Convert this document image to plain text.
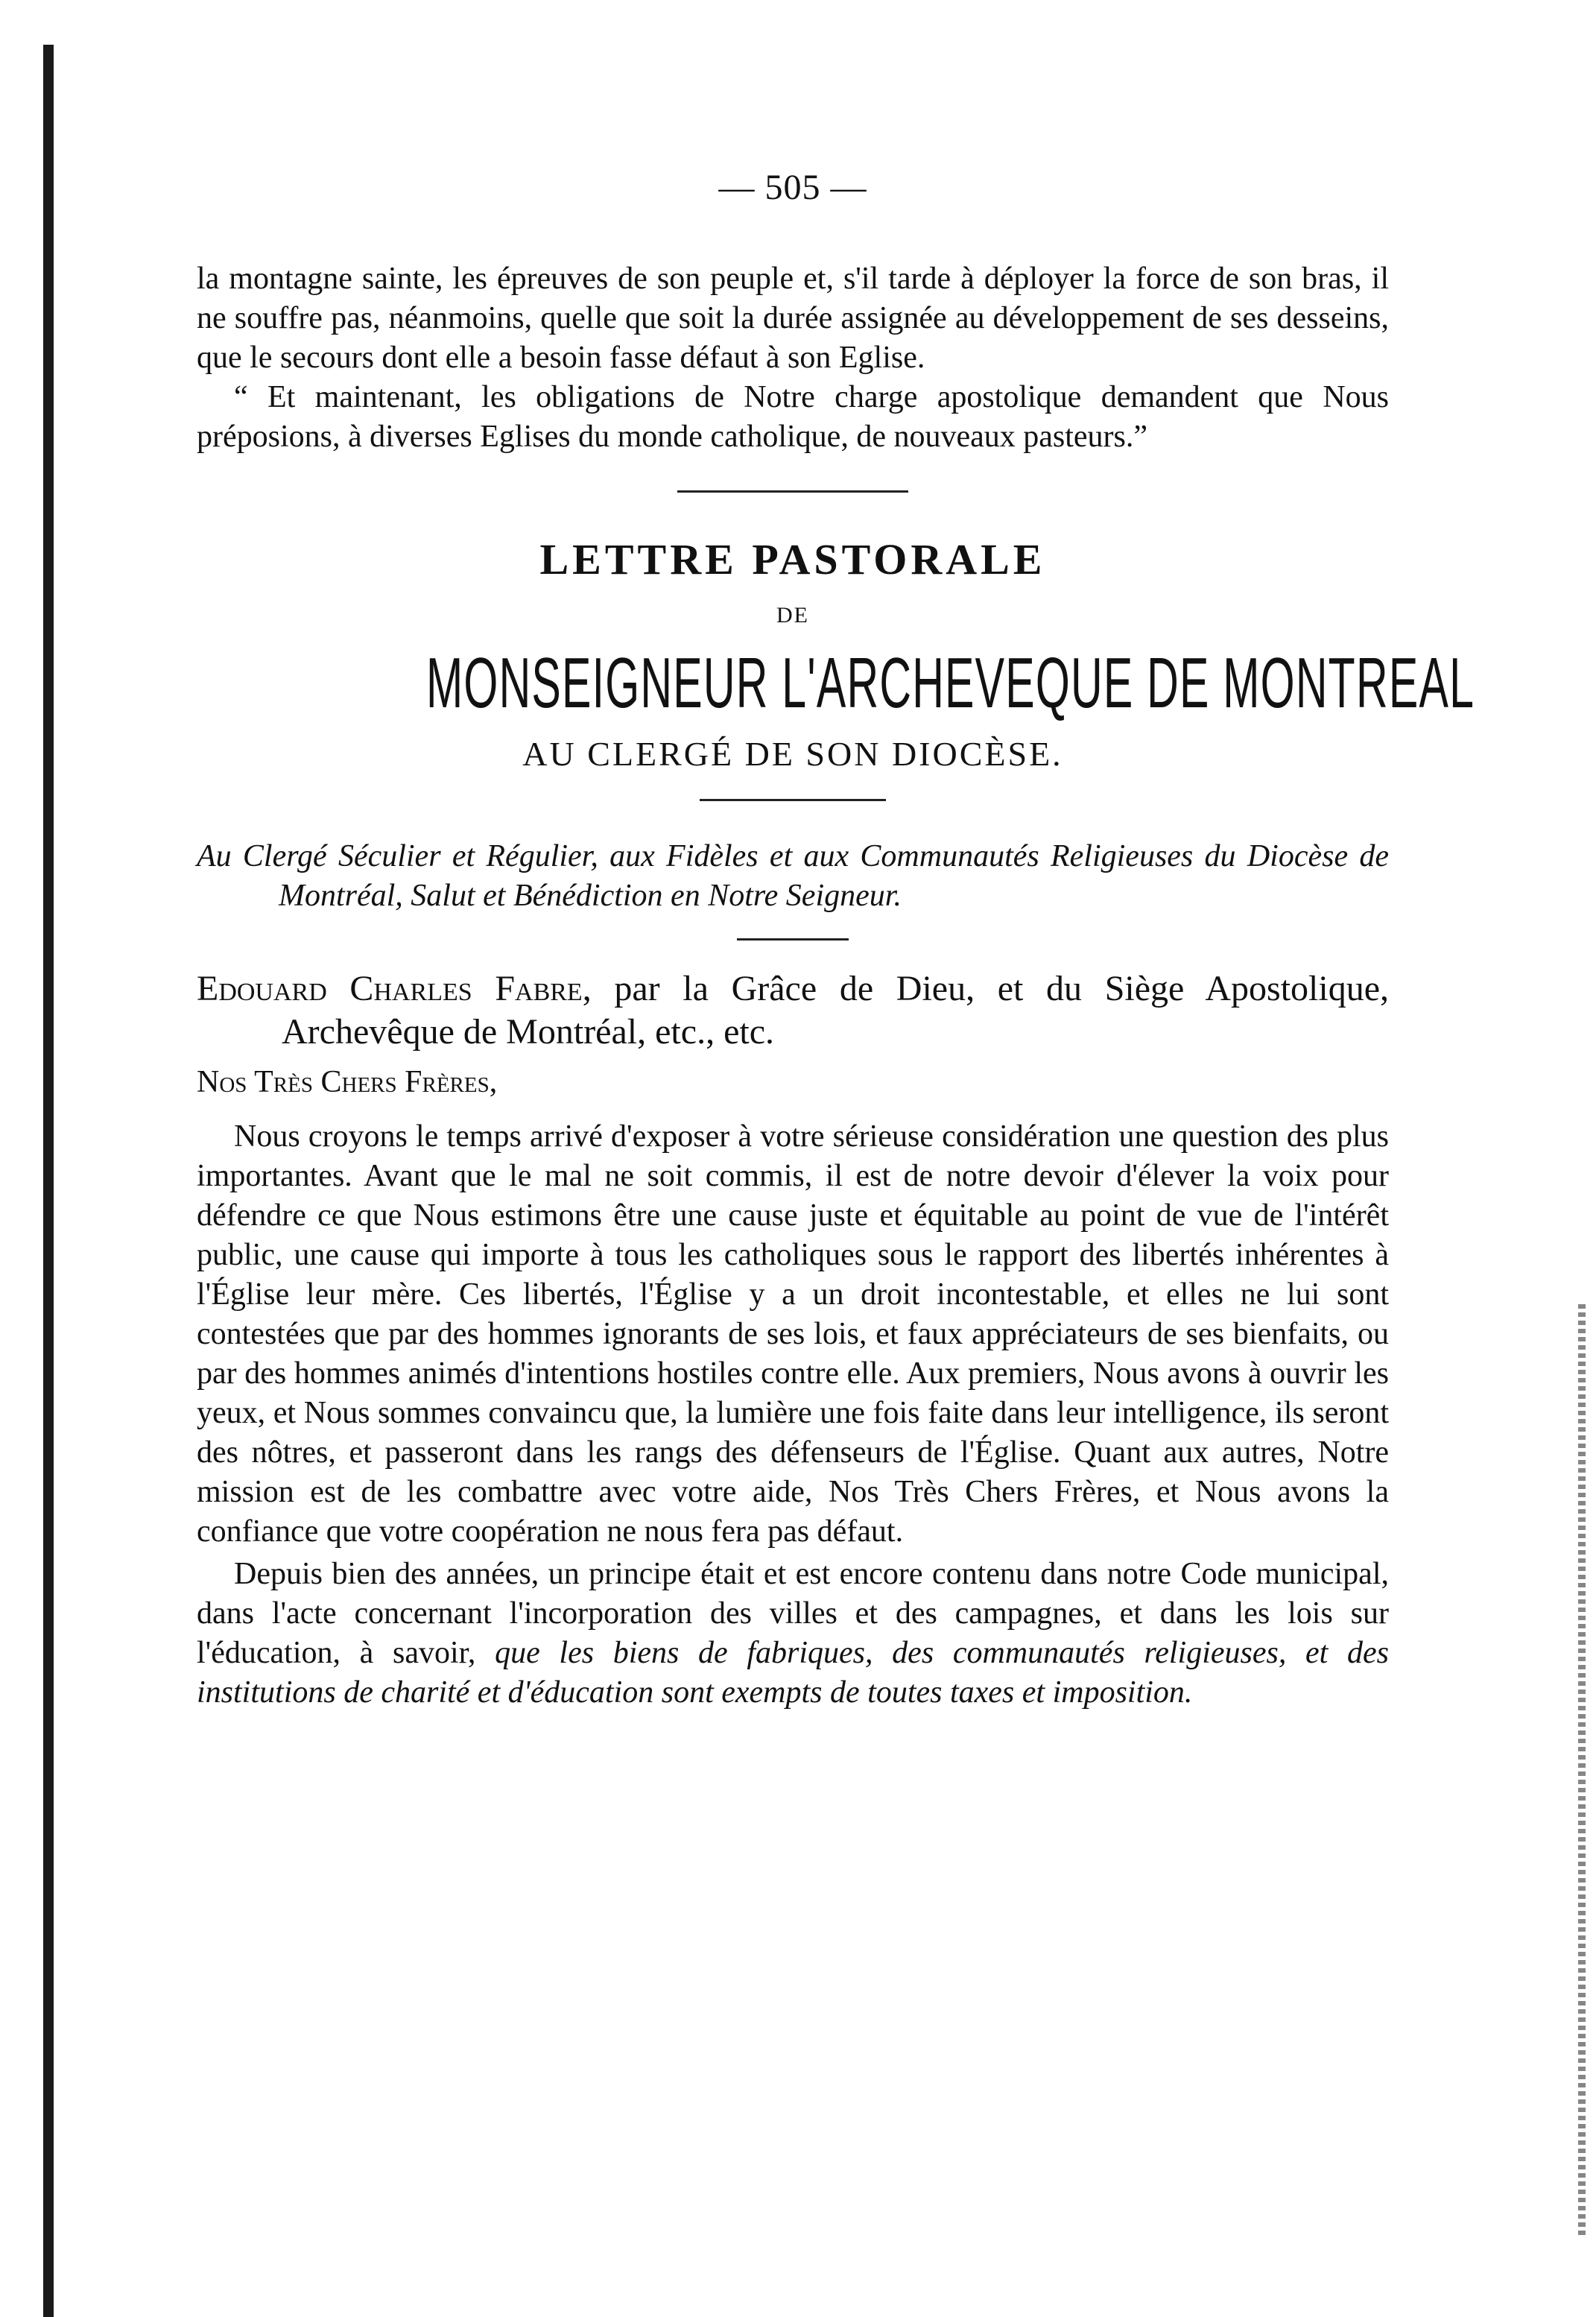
— 505 —

la montagne sainte, les épreuves de son peuple et, s'il tarde à déployer la force de son bras, il ne souffre pas, néanmoins, quelle que soit la durée assignée au développement de ses desseins, que le secours dont elle a besoin fasse défaut à son Eglise.

“ Et maintenant, les obligations de Notre charge apostolique demandent que Nous préposions, à diverses Eglises du monde catholique, de nouveaux pasteurs.”

LETTRE PASTORALE
DE
MONSEIGNEUR L'ARCHEVEQUE DE MONTREAL
AU CLERGÉ DE SON DIOCÈSE.

Au Clergé Séculier et Régulier, aux Fidèles et aux Communautés Religieuses du Diocèse de Montréal, Salut et Bénédiction en Notre Seigneur.

Edouard Charles Fabre, par la Grâce de Dieu, et du Siège Apostolique, Archevêque de Montréal, etc., etc.

Nos Très Chers Frères,

Nous croyons le temps arrivé d'exposer à votre sérieuse considération une question des plus importantes. Avant que le mal ne soit commis, il est de notre devoir d'élever la voix pour défendre ce que Nous estimons être une cause juste et équitable au point de vue de l'intérêt public, une cause qui importe à tous les catholiques sous le rapport des libertés inhérentes à l'Église leur mère. Ces libertés, l'Église y a un droit incontestable, et elles ne lui sont contestées que par des hommes ignorants de ses lois, et faux appréciateurs de ses bienfaits, ou par des hommes animés d'intentions hostiles contre elle. Aux premiers, Nous avons à ouvrir les yeux, et Nous sommes convaincu que, la lumière une fois faite dans leur intelligence, ils seront des nôtres, et passeront dans les rangs des défenseurs de l'Église. Quant aux autres, Notre mission est de les combattre avec votre aide, Nos Très Chers Frères, et Nous avons la confiance que votre coopération ne nous fera pas défaut.

Depuis bien des années, un principe était et est encore contenu dans notre Code municipal, dans l'acte concernant l'incorporation des villes et des campagnes, et dans les lois sur l'éducation, à savoir, que les biens de fabriques, des communautés religieuses, et des institutions de charité et d'éducation sont exempts de toutes taxes et imposition.
